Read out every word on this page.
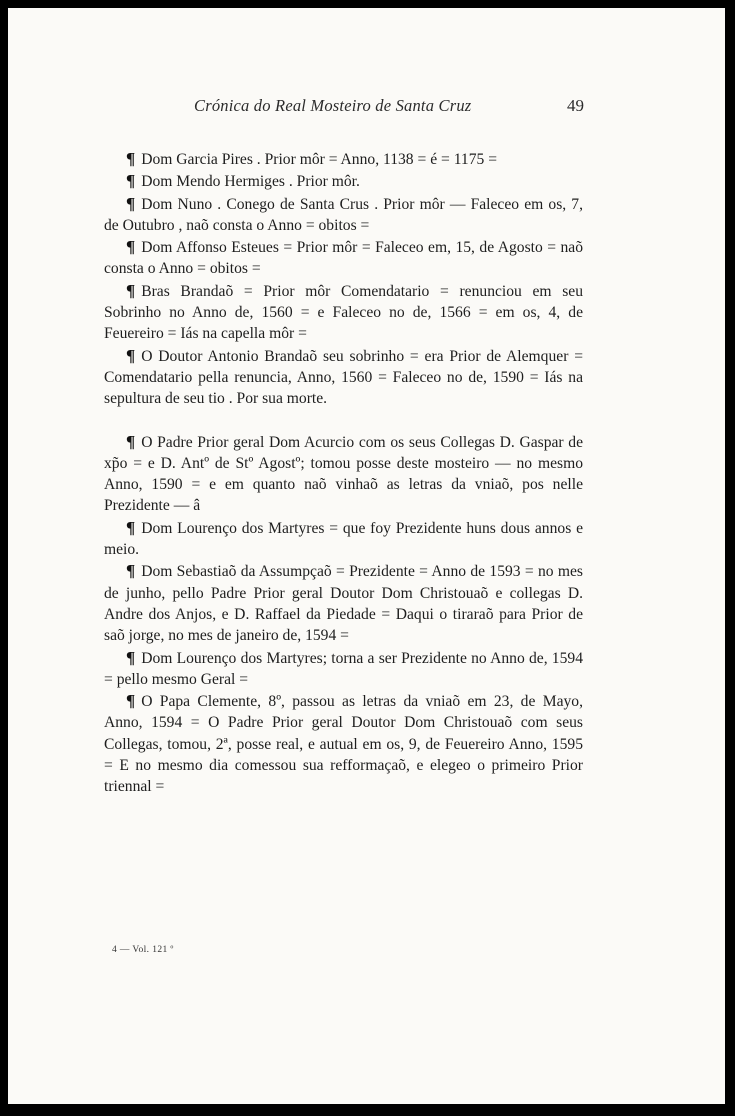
Crónica do Real Mosteiro de Santa Cruz	49

¶ Dom Garcia Pires . Prior môr = Anno, 1138 = é = 1175 =

¶ Dom Mendo Hermiges . Prior môr.

¶ Dom Nuno . Conego de Santa Crus . Prior môr — Faleceo em os, 7, de Outubro , naõ consta o Anno = obitos =

¶ Dom Affonso Esteues = Prior môr = Faleceo em, 15, de Agosto = naõ consta o Anno = obitos =

¶ Bras Brandaõ = Prior môr Comendatario = renunciou em seu Sobrinho no Anno de, 1560 = e Faleceo no de, 1566 = em os, 4, de Feuereiro = Iás na capella môr =

¶ O Doutor Antonio Brandaõ seu sobrinho = era Prior de Alemquer = Comendatario pella renuncia, Anno, 1560 = Faleceo no de, 1590 = Iás na sepultura de seu tio . Por sua morte.

¶ O Padre Prior geral Dom Acurcio com os seus Collegas D. Gaspar de xp̃o = e D. Antº de Stº Agostº; tomou posse deste mosteiro — no mesmo Anno, 1590 = e em quanto naõ vinhaõ as letras da vniaõ, pos nelle Prezidente — â

¶ Dom Lourenço dos Martyres = que foy Prezidente huns dous annos e meio.

¶ Dom Sebastiaõ da Assumpçaõ = Prezidente = Anno de 1593 = no mes de junho, pello Padre Prior geral Doutor Dom Christouaõ e collegas D. Andre dos Anjos, e D. Raffael da Piedade = Daqui o tiraraõ para Prior de saõ jorge, no mes de janeiro de, 1594 =

¶ Dom Lourenço dos Martyres; torna a ser Prezidente no Anno de, 1594 = pello mesmo Geral =

¶ O Papa Clemente, 8º, passou as letras da vniaõ em 23, de Mayo, Anno, 1594 = O Padre Prior geral Doutor Dom Christouaõ com seus Collegas, tomou, 2ª, posse real, e autual em os, 9, de Feuereiro Anno, 1595 = E no mesmo dia comessou sua refformaçaõ, e elegeo o primeiro Prior triennal =

4 — Vol. 121 º
